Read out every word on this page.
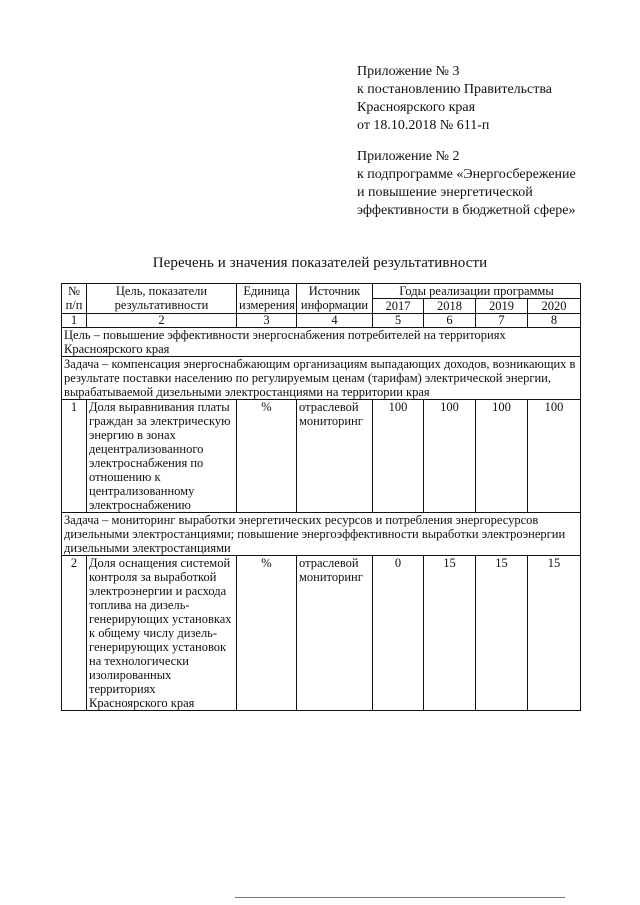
Приложение № 3
к постановлению Правительства
Красноярского края
от 18.10.2018 № 611-п
Приложение № 2
к подпрограмме «Энергосбережение
и повышение энергетической
эффективности в бюджетной сфере»
Перечень и значения показателей результативности
№ п/п	Цель, показатели результативности	Единица измерения	Источник информации	Годы реализации программы			
				2017	2018	2019	2020
1	2	3	4	5	6	7	8
Цель – повышение эффективности энергоснабжения потребителей на территориях Красноярского края							
Задача – компенсация энергоснабжающим организациям выпадающих доходов, возникающих в результате поставки населению по регулируемым ценам (тарифам) электрической энергии, вырабатываемой дизельными электростанциями на территории края							
1	Доля выравнивания платы граждан за электрическую энергию в зонах децентрализованного электроснабжения по отношению к централизованному электроснабжению	%	отраслевой мониторинг	100	100	100	100
Задача – мониторинг выработки энергетических ресурсов и потребления энергоресурсов дизельными электростанциями; повышение энергоэффективности выработки электроэнергии дизельными электростанциями							
2	Доля оснащения системой контроля за выработкой электроэнергии и расхода топлива на дизель-генерирующих установках к общему числу дизель-генерирующих установок на технологически изолированных территориях Красноярского края	%	отраслевой мониторинг	0	15	15	15
